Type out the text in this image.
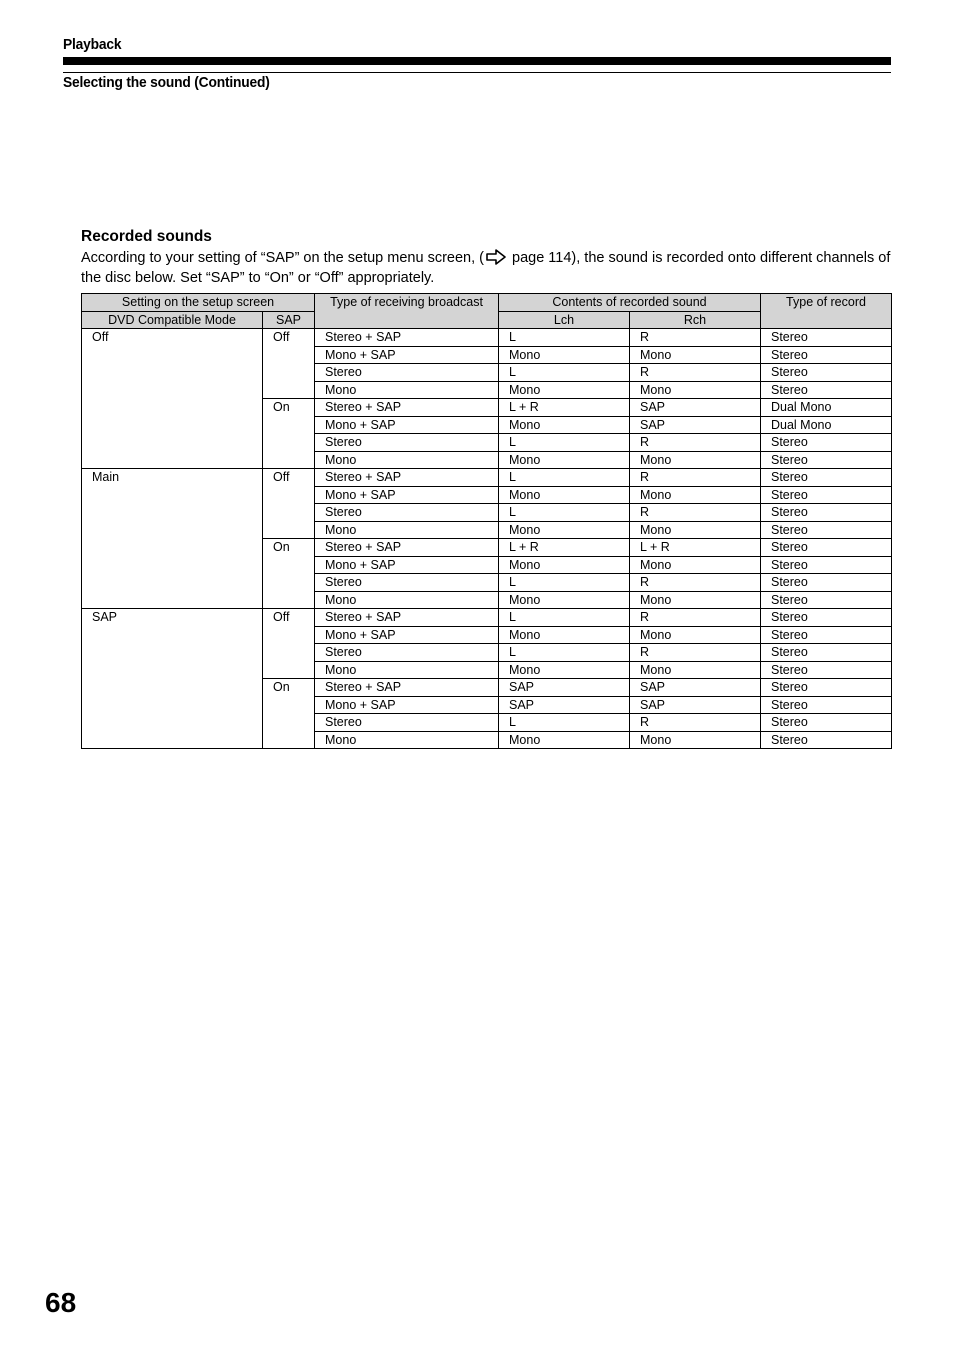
Playback
Selecting the sound (Continued)
Recorded sounds
According to your setting of “SAP” on the setup menu screen, ( page 114), the sound is recorded onto different channels of the disc below. Set “SAP” to “On” or “Off” appropriately.
Setting on the setup screen		Type of receiving broadcast	Contents of recorded sound		Type of record
DVD Compatible Mode	SAP		Lch	Rch	
Off	Off	Stereo + SAP	L	R	Stereo
		Mono + SAP	Mono	Mono	Stereo
		Stereo	L	R	Stereo
		Mono	Mono	Mono	Stereo
	On	Stereo + SAP	L + R	SAP	Dual Mono
		Mono + SAP	Mono	SAP	Dual Mono
		Stereo	L	R	Stereo
		Mono	Mono	Mono	Stereo
Main	Off	Stereo + SAP	L	R	Stereo
		Mono + SAP	Mono	Mono	Stereo
		Stereo	L	R	Stereo
		Mono	Mono	Mono	Stereo
	On	Stereo + SAP	L + R	L + R	Stereo
		Mono + SAP	Mono	Mono	Stereo
		Stereo	L	R	Stereo
		Mono	Mono	Mono	Stereo
SAP	Off	Stereo + SAP	L	R	Stereo
		Mono + SAP	Mono	Mono	Stereo
		Stereo	L	R	Stereo
		Mono	Mono	Mono	Stereo
	On	Stereo + SAP	SAP	SAP	Stereo
		Mono + SAP	SAP	SAP	Stereo
		Stereo	L	R	Stereo
		Mono	Mono	Mono	Stereo
68
